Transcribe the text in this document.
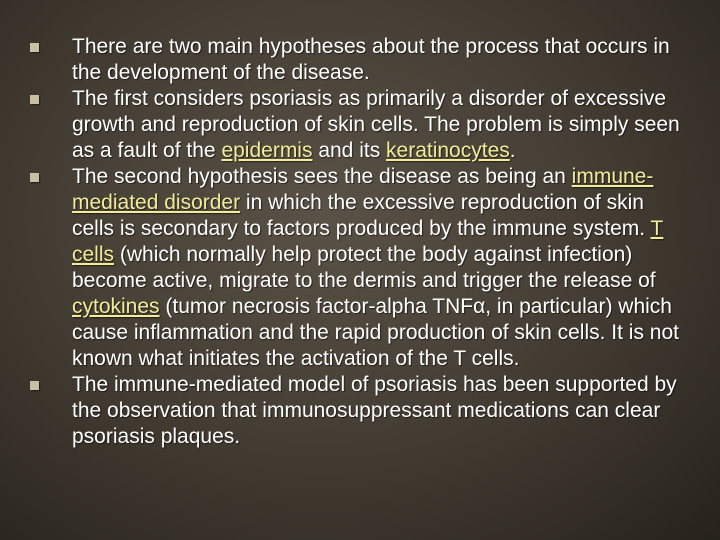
There are two main hypotheses about the process that occurs in the development of the disease.
The first considers psoriasis as primarily a disorder of excessive growth and reproduction of skin cells. The problem is simply seen as a fault of the epidermis and its keratinocytes.
The second hypothesis sees the disease as being an immune-mediated disorder in which the excessive reproduction of skin cells is secondary to factors produced by the immune system. T cells (which normally help protect the body against infection) become active, migrate to the dermis and trigger the release of cytokines (tumor necrosis factor-alpha TNFα, in particular) which cause inflammation and the rapid production of skin cells. It is not known what initiates the activation of the T cells.
The immune-mediated model of psoriasis has been supported by the observation that immunosuppressant medications can clear psoriasis plaques.
